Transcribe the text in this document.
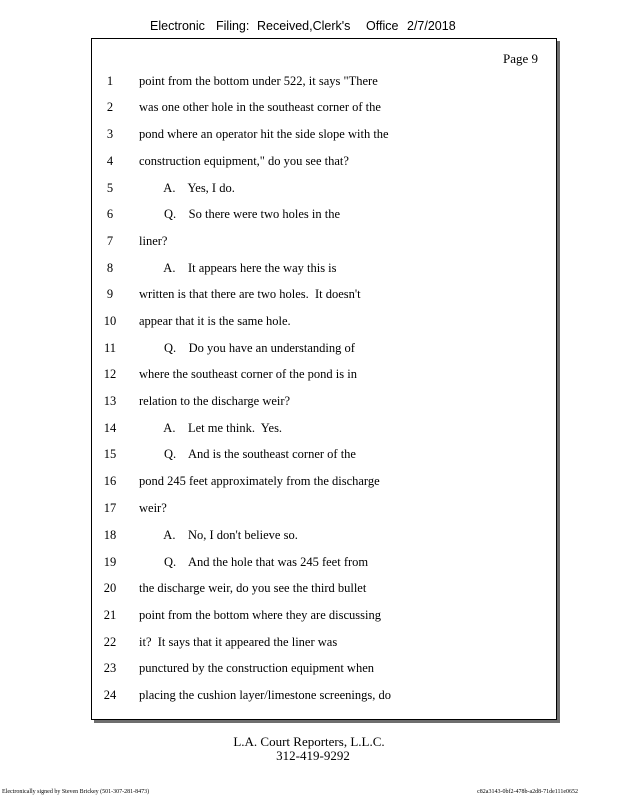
Electronic Filing: Received,Clerk's Office 2/7/2018
Page 9
1	point from the bottom under 522, it says "There
2	was one other hole in the southeast corner of the
3	pond where an operator hit the side slope with the
4	construction equipment," do you see that?
5	A.    Yes, I do.
6	Q.    So there were two holes in the
7	liner?
8	A.    It appears here the way this is
9	written is that there are two holes.  It doesn't
10	appear that it is the same hole.
11	Q.    Do you have an understanding of
12	where the southeast corner of the pond is in
13	relation to the discharge weir?
14	A.    Let me think.  Yes.
15	Q.    And is the southeast corner of the
16	pond 245 feet approximately from the discharge
17	weir?
18	A.    No, I don't believe so.
19	Q.    And the hole that was 245 feet from
20	the discharge weir, do you see the third bullet
21	point from the bottom where they are discussing
22	it?  It says that it appeared the liner was
23	punctured by the construction equipment when
24	placing the cushion layer/limestone screenings, do
L.A. Court Reporters, L.L.C.
312-419-9292
Electronically signed by Steven Brickey (501-307-281-8473)	c82a3143-0bf2-478b-a2d8-71de111e0652
